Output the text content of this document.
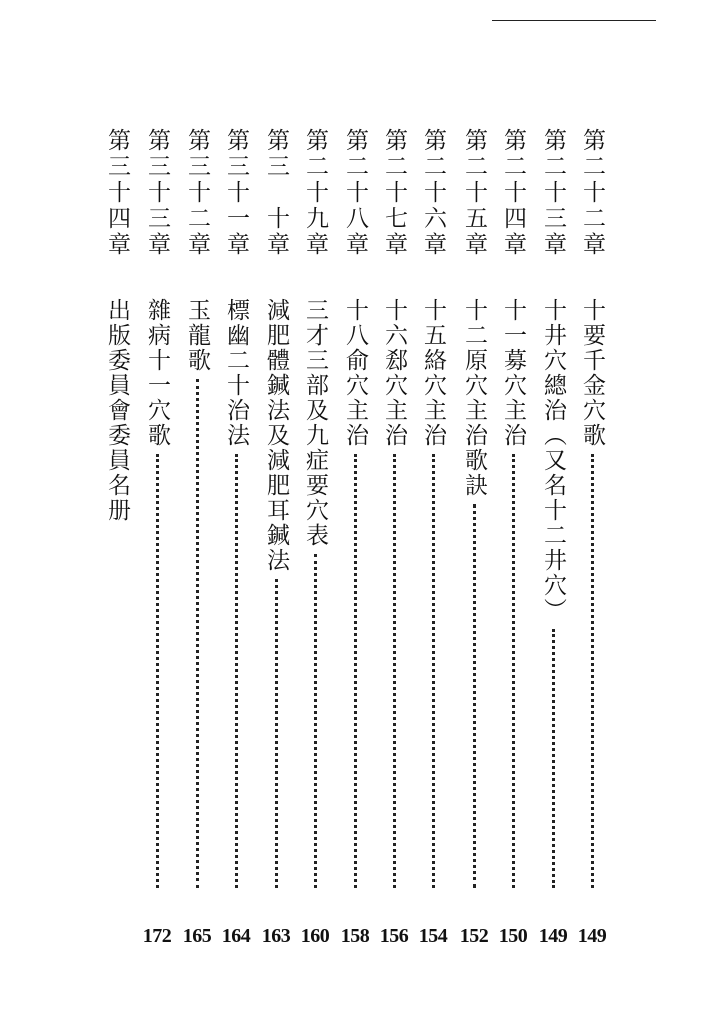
第二十二章
十要千金穴歌
第二十三章
十井穴總治（又名十二井穴）
第二十四章
十一募穴主治
第二十五章
十二原穴主治歌訣
第二十六章
十五絡穴主治
第二十七章
十六郄穴主治
第二十八章
十八俞穴主治
第二十九章
三才三部及九症要穴表
第三　十章
減肥體鍼法及減肥耳鍼法
第三十一章
標幽二十治法
第三十二章
玉龍歌
第三十三章
雜病十一穴歌
第三十四章
出版委員會委員名册
149
149
150
152
154
156
158
160
163
164
165
172
